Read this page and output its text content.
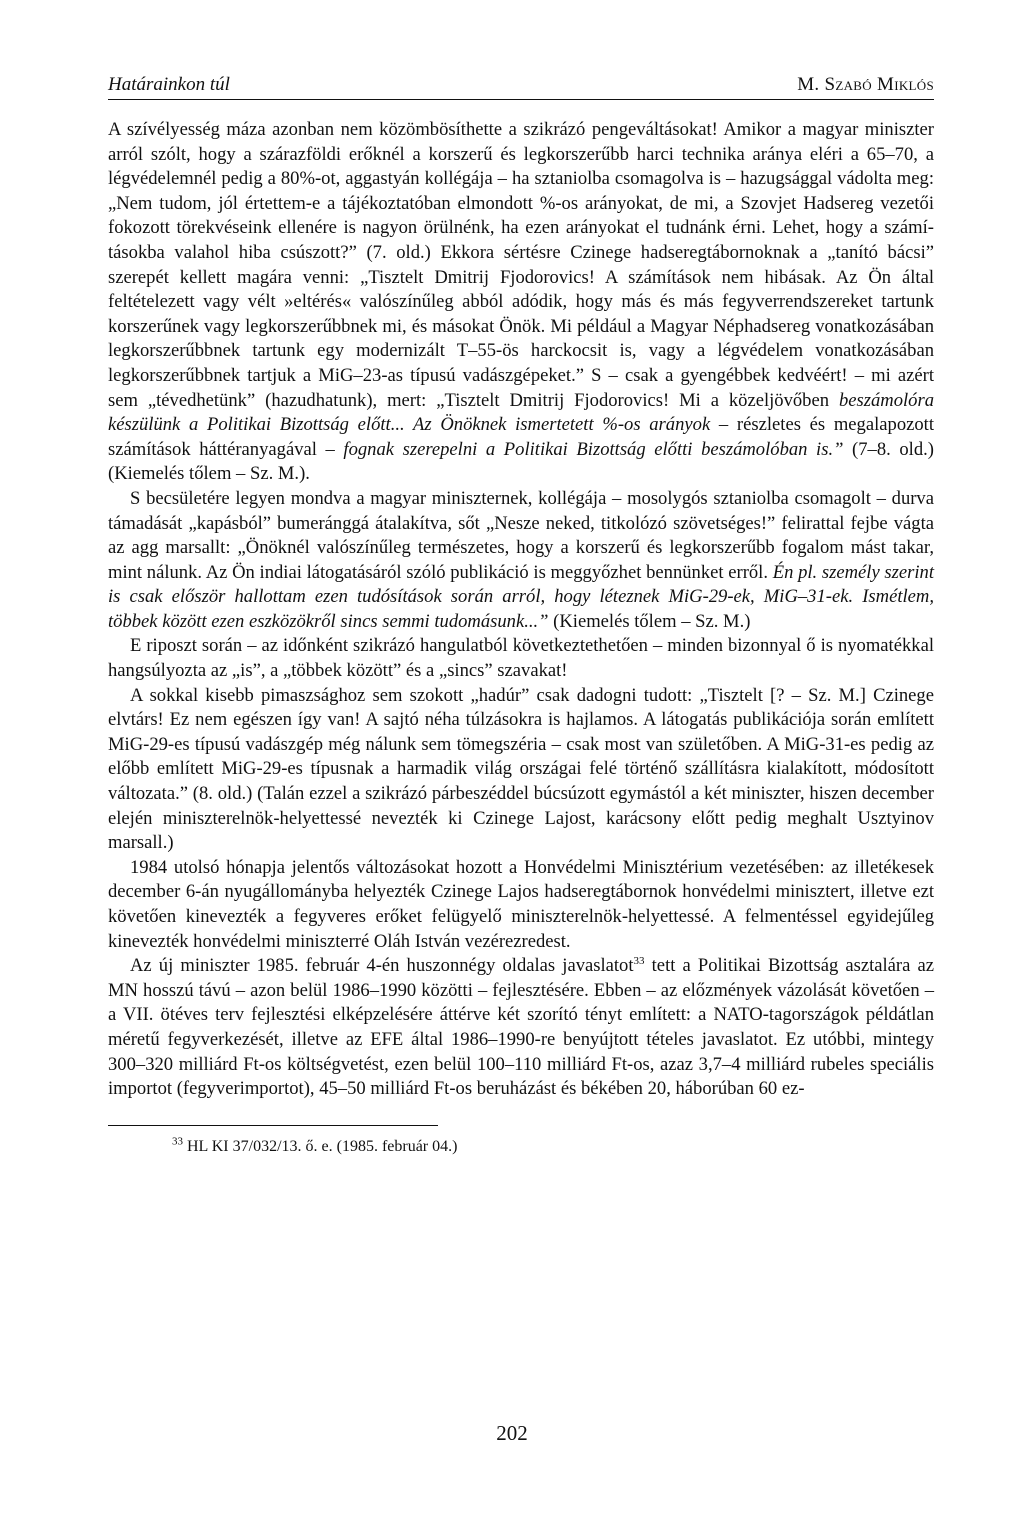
Határainkon túl	M. Szabó Miklós

A szívélyesség máza azonban nem közömbösíthette a szikrázó pengeváltásokat! Amikor a magyar miniszter arról szólt, hogy a szárazföldi erőknél a korszerű és legkorszerűbb harci technika aránya eléri a 65–70, a légvédelemnél pedig a 80%-ot, aggastyán kollégája – ha sztaniolba csomagolva is – hazugsággal vádolta meg: „Nem tudom, jól értettem-e a tájékoztatóban elmondott %-os arányokat, de mi, a Szovjet Hadsereg vezetői fokozott törekvéseink ellenére is nagyon örülnénk, ha ezen arányokat el tudnánk érni. Lehet, hogy a számításokba valahol hiba csúszott?” (7. old.) Ekkora sértésre Czinege hadseregtábornoknak a „tanító bácsi” szerepét kellett magára venni: „Tisztelt Dmitrij Fjodorovics! A számítások nem hibásak. Az Ön által feltételezett vagy vélt »eltérés« valószínűleg abból adódik, hogy más és más fegyverrendszereket tartunk korszerűnek vagy legkorszerűbbnek mi, és másokat Önök. Mi például a Magyar Néphadsereg vonatkozásában legkorszerűbbnek tartunk egy modernizált T–55-ös harckocsit is, vagy a légvédelem vonatkozásában legkorszerűbbnek tartjuk a MiG–23-as típusú vadászgépeket.” S – csak a gyengébbek kedvéért! – mi azért sem „tévedhetünk” (hazudhatunk), mert: „Tisztelt Dmitrij Fjodorovics! Mi a közeljövőben beszámolóra készülünk a Politikai Bizottság előtt... Az Önöknek ismertetett %-os arányok – részletes és megalapozott számítások háttéranyagával – fognak szerepelni a Politikai Bizottság előtti beszámolóban is.” (7–8. old.) (Kiemelés tőlem – Sz. M.).

S becsületére legyen mondva a magyar miniszternek, kollégája – mosolygós sztaniolba csomagolt – durva támadását „kapásból” bumeránggá átalakítva, sőt „Nesze neked, titkolózó szövetséges!” felirattal fejbe vágta az agg marsallt: „Önöknél valószínűleg természetes, hogy a korszerű és legkorszerűbb fogalom mást takar, mint nálunk. Az Ön indiai látogatásáról szóló publikáció is meggyőzhet bennünket erről. Én pl. személy szerint is csak először hallottam ezen tudósítások során arról, hogy léteznek MiG-29-ek, MiG–31-ek. Ismétlem, többek között ezen eszközökről sincs semmi tudomásunk...” (Kiemelés tőlem – Sz. M.)

E riposzt során – az időnként szikrázó hangulatból következtethetően – minden bizonnyal ő is nyomatékkal hangsúlyozta az „is”, a „többek között” és a „sincs” szavakat!

A sokkal kisebb pimaszsághoz sem szokott „hadúr” csak dadogni tudott: „Tisztelt [? – Sz. M.] Czinege elvtárs! Ez nem egészen így van! A sajtó néha túlzásokra is hajlamos. A látogatás publikációja során említett MiG-29-es típusú vadászgép még nálunk sem tömegszéria – csak most van születőben. A MiG-31-es pedig az előbb említett MiG-29-es típusnak a harmadik világ országai felé történő szállításra kialakított, módosított változata.” (8. old.) (Talán ezzel a szikrázó párbeszéddel búcsúzott egymástól a két miniszter, hiszen december elején miniszterelnök-helyettessé nevezték ki Czinege Lajost, karácsony előtt pedig meghalt Usztyinov marsall.)

1984 utolsó hónapja jelentős változásokat hozott a Honvédelmi Minisztérium vezetésében: az illetékesek december 6-án nyugállományba helyezték Czinege Lajos hadseregtábornok honvédelmi minisztert, illetve ezt követően kinevezték a fegyveres erőket felügyelő miniszterelnök-helyettessé. A felmentéssel egyidejűleg kinevezték honvédelmi miniszterré Oláh István vezérezredest.

Az új miniszter 1985. február 4-én huszonnégy oldalas javaslatot$^{33}$ tett a Politikai Bizottság asztalára az MN hosszú távú – azon belül 1986–1990 közötti – fejlesztésére. Ebben – az előzmények vázolását követően – a VII. ötéves terv fejlesztési elképzelésére áttérve két szorító tényt említett: a NATO-tagországok példátlan méretű fegyverkezését, illetve az EFE által 1986–1990-re benyújtott tételes javaslatot. Ez utóbbi, mintegy 300–320 milliárd Ft-os költségvetést, ezen belül 100–110 milliárd Ft-os, azaz 3,7–4 milliárd rubeles speciális importot (fegyverimportot), 45–50 milliárd Ft-os beruházást és békében 20, háborúban 60 ez-

$^{33}$ HL KI 37/032/13. ő. e. (1985. február 04.)
202
